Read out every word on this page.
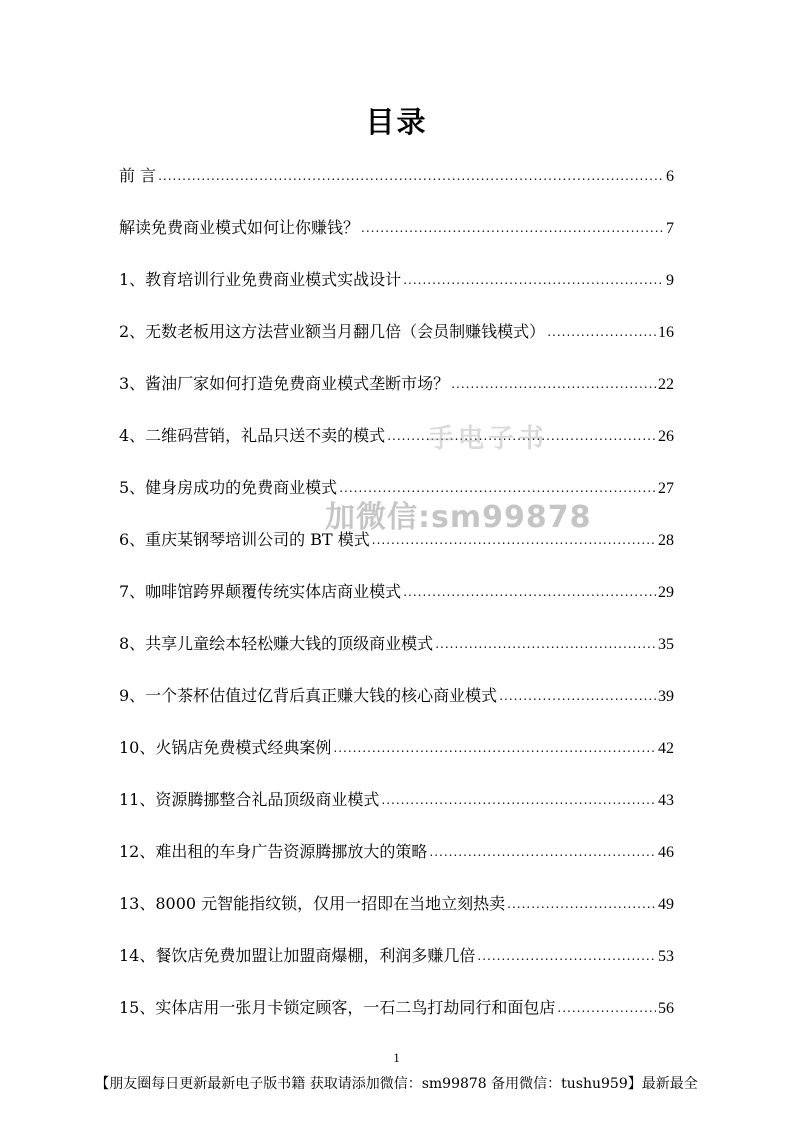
目录
前 言 .....	6
解读免费商业模式如何让你赚钱？ .....	7
1、教育培训行业免费商业模式实战设计 .....	9
2、无数老板用这方法营业额当月翻几倍（会员制赚钱模式） .....	16
3、酱油厂家如何打造免费商业模式垄断市场？ .....	22
4、二维码营销，礼品只送不卖的模式 .....	26
5、健身房成功的免费商业模式 .....	27
6、重庆某钢琴培训公司的 BT 模式 .....	28
7、咖啡馆跨界颠覆传统实体店商业模式 .....	29
8、共享儿童绘本轻松赚大钱的顶级商业模式 .....	35
9、一个茶杯估值过亿背后真正赚大钱的核心商业模式 .....	39
10、火锅店免费模式经典案例 .....	42
11、资源腾挪整合礼品顶级商业模式 .....	43
12、难出租的车身广告资源腾挪放大的策略 .....	46
13、8000 元智能指纹锁，仅用一招即在当地立刻热卖 .....	49
14、餐饮店免费加盟让加盟商爆棚，利润多赚几倍 .....	53
15、实体店用一张月卡锁定顾客，一石二鸟打劫同行和面包店 .....	56
手电子书
加微信:sm99878
1
【朋友圈每日更新最新电子版书籍 获取请添加微信：sm99878 备用微信：tushu959】最新最全
